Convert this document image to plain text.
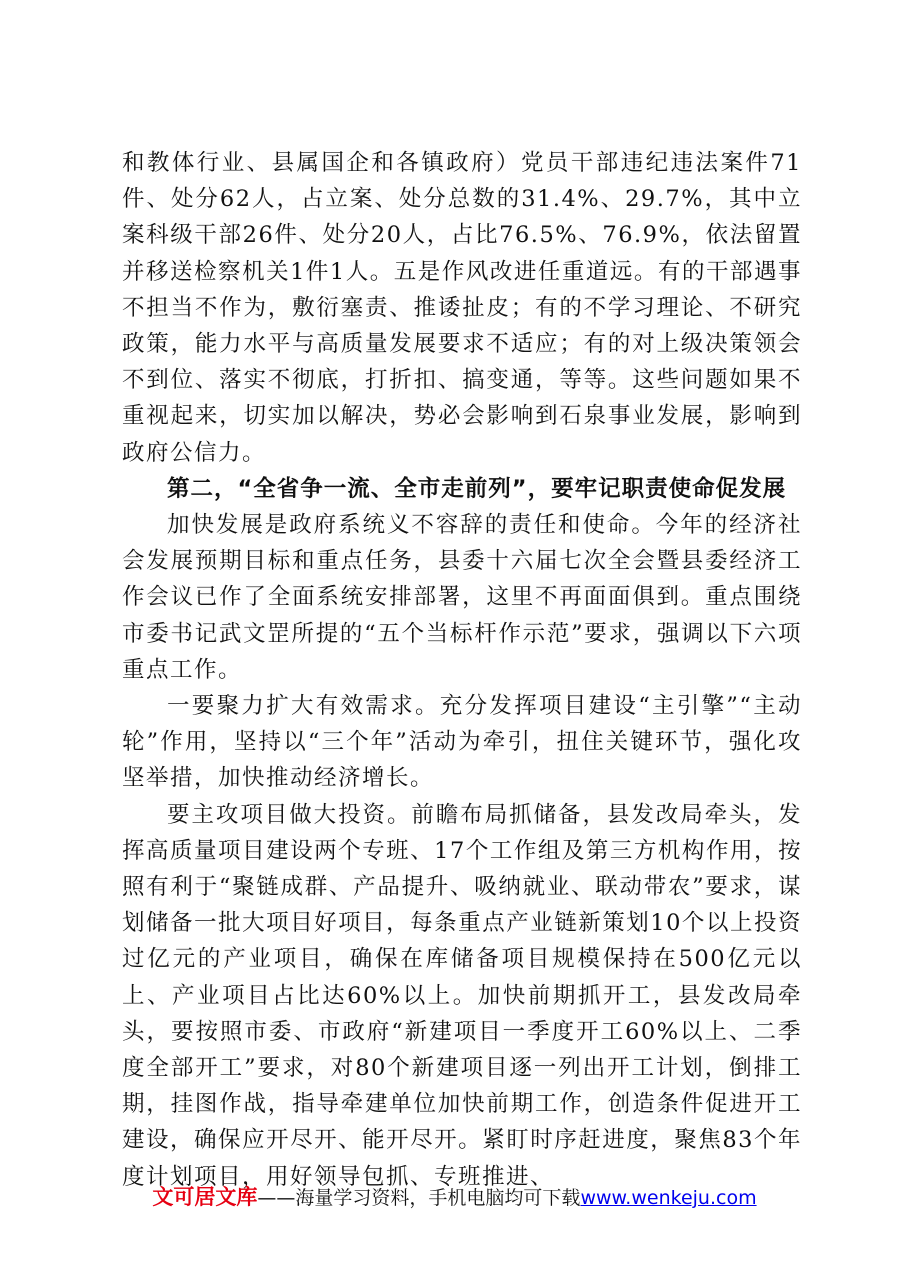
和教体行业、县属国企和各镇政府）党员干部违纪违法案件71件、处分62人，占立案、处分总数的31.4%、29.7%，其中立案科级干部26件、处分20人，占比76.5%、76.9%，依法留置并移送检察机关1件1人。五是作风改进任重道远。有的干部遇事不担当不作为，敷衍塞责、推诿扯皮；有的不学习理论、不研究政策，能力水平与高质量发展要求不适应；有的对上级决策领会不到位、落实不彻底，打折扣、搞变通，等等。这些问题如果不重视起来，切实加以解决，势必会影响到石泉事业发展，影响到政府公信力。

第二，“全省争一流、全市走前列”，要牢记职责使命促发展

加快发展是政府系统义不容辞的责任和使命。今年的经济社会发展预期目标和重点任务，县委十六届七次全会暨县委经济工作会议已作了全面系统安排部署，这里不再面面俱到。重点围绕市委书记武文罡所提的“五个当标杆作示范”要求，强调以下六项重点工作。

一要聚力扩大有效需求。充分发挥项目建设“主引擎”“主动轮”作用，坚持以“三个年”活动为牵引，扭住关键环节，强化攻坚举措，加快推动经济增长。

要主攻项目做大投资。前瞻布局抓储备，县发改局牵头，发挥高质量项目建设两个专班、17个工作组及第三方机构作用，按照有利于“聚链成群、产品提升、吸纳就业、联动带农”要求，谋划储备一批大项目好项目，每条重点产业链新策划10个以上投资过亿元的产业项目，确保在库储备项目规模保持在500亿元以上、产业项目占比达60%以上。加快前期抓开工，县发改局牵头，要按照市委、市政府“新建项目一季度开工60%以上、二季度全部开工”要求，对80个新建项目逐一列出开工计划，倒排工期，挂图作战，指导牵建单位加快前期工作，创造条件促进开工建设，确保应开尽开、能开尽开。紧盯时序赶进度，聚焦83个年度计划项目，用好领导包抓、专班推进、

文可居文库——海量学习资料，手机电脑均可下载www.wenkeju.com
